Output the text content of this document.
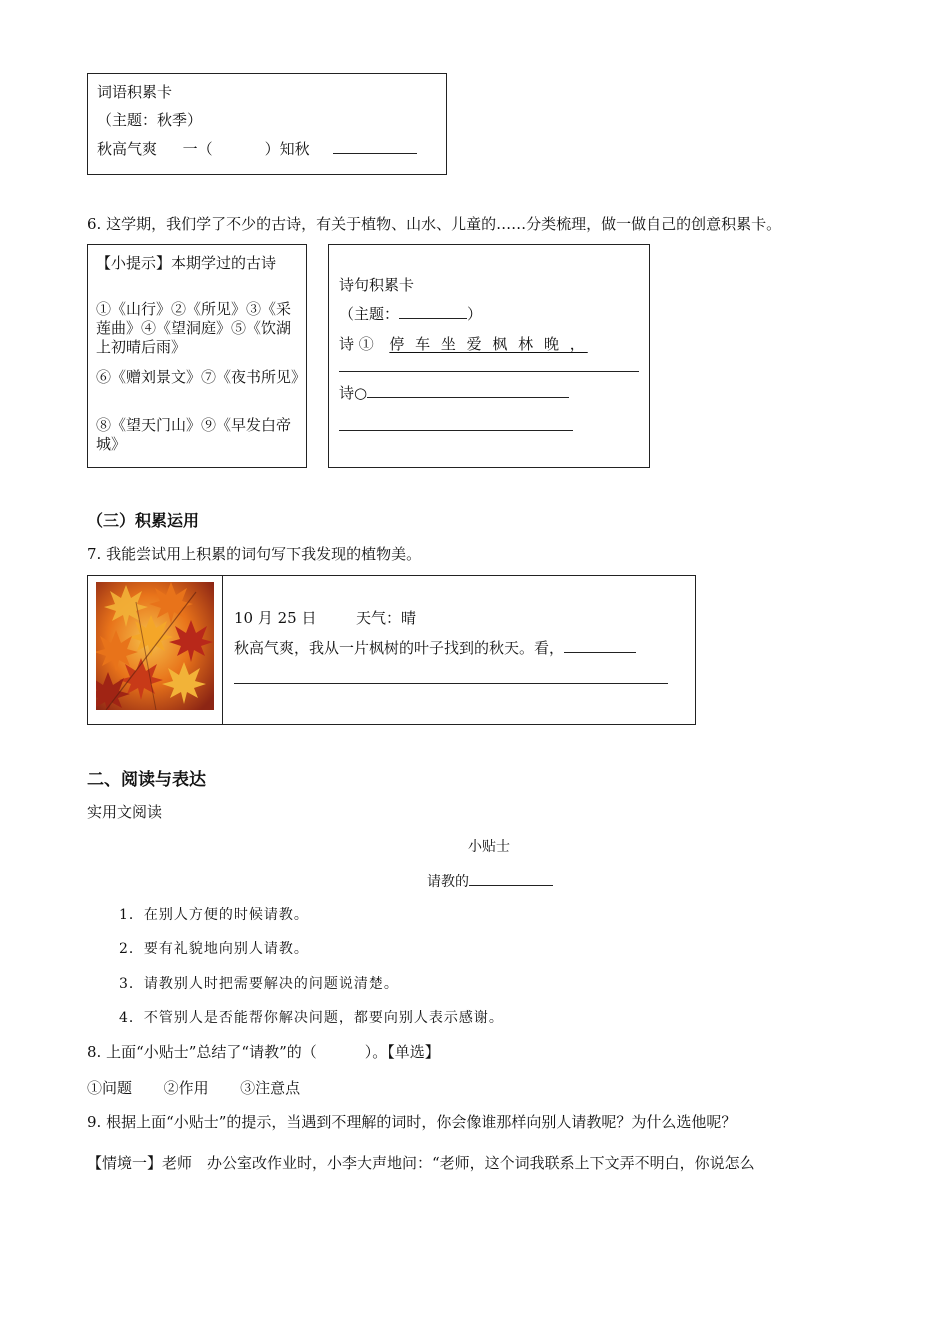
词语积累卡
（主题：秋季）
秋高气爽 一（	）知秋
6. 这学期，我们学了不少的古诗，有关于植物、山水、儿童的……分类梳理，做一做自己的创意积累卡。
【小提示】本期学过的古诗
①《山行》②《所见》③《采莲曲》④《望洞庭》⑤《饮湖上初晴后雨》
⑥《赠刘景文》⑦《夜书所见》
⑧《望天门山》⑨《早发白帝城》
诗句积累卡
（主题：	）
诗 ① 停 车 坐 爱 枫 林 晚 ，
诗○
（三）积累运用
7. 我能尝试用上积累的词句写下我发现的植物美。
10 月 25 日	天气：晴
秋高气爽，我从一片枫树的叶子找到的秋天。看，
二、阅读与表达
实用文阅读
小贴士
请教的
1．在别人方便的时候请教。
2．要有礼貌地向别人请教。
3．请教别人时把需要解决的问题说清楚。
4．不管别人是否能帮你解决问题，都要向别人表示感谢。
8. 上面“小贴士”总结了“请教”的（	）。【单选】
①问题 ②作用 ③注意点
9. 根据上面“小贴士”的提示，当遇到不理解的词时，你会像谁那样向别人请教呢？为什么选他呢？
【情境一】老师　办公室改作业时，小李大声地问：“老师，这个词我联系上下文弄不明白，你说怎么
